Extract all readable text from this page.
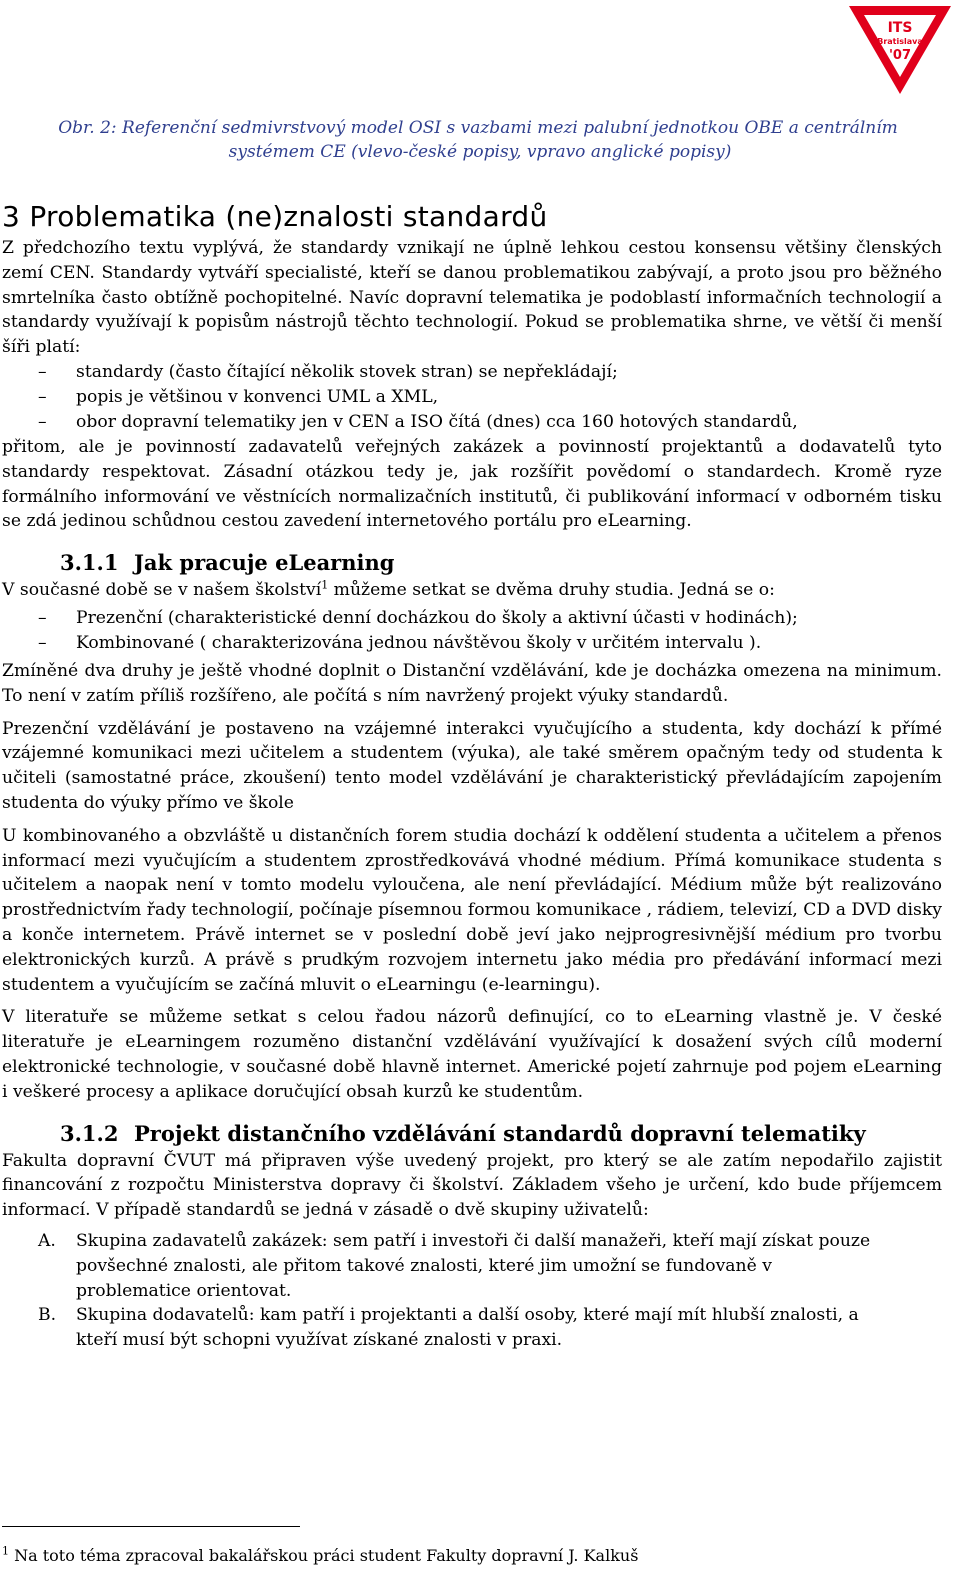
ITS
Bratislava
'07
Obr. 2: Referenční sedmivrstvový model OSI s vazbami mezi palubní jednotkou OBE a centrálním
systémem CE (vlevo-české popisy, vpravo anglické popisy)
3 Problematika (ne)znalosti standardů

Z předchozího textu vyplývá, že standardy vznikají ne úplně lehkou cestou konsensu většiny členských zemí CEN. Standardy vytváří specialisté, kteří se danou problematikou zabývají, a proto jsou pro běžného smrtelníka často obtížně pochopitelné. Navíc dopravní telematika je podoblastí informačních technologií a standardy využívají k popisům nástrojů těchto technologií. Pokud se problematika shrne, ve větší či menší šíři platí:

– standardy (často čítající několik stovek stran) se nepřekládají;
– popis je většinou v konvenci UML a XML,
– obor dopravní telematiky jen v CEN a ISO čítá (dnes) cca 160 hotových standardů,

přitom, ale je povinností zadavatelů veřejných zakázek a povinností projektantů a dodavatelů tyto standardy respektovat. Zásadní otázkou tedy je, jak rozšířit povědomí o standardech. Kromě ryze formálního informování ve věstnících normalizačních institutů, či publikování informací v odborném tisku se zdá jedinou schůdnou cestou zavedení internetového portálu pro eLearning.

3.1.1 Jak pracuje eLearning

V současné době se v našem školství$^1$ můžeme setkat se dvěma druhy studia. Jedná se o:

– Prezenční (charakteristické denní docházkou do školy a aktivní účasti v hodinách);
– Kombinované ( charakterizována jednou návštěvou školy v určitém intervalu ).

Zmíněné dva druhy je ještě vhodné doplnit o Distanční vzdělávání, kde je docházka omezena na minimum. To není v zatím příliš rozšířeno, ale počítá s ním navržený projekt výuky standardů.

Prezenční vzdělávání je postaveno na vzájemné interakci vyučujícího a studenta, kdy dochází k přímé vzájemné komunikaci mezi učitelem a studentem (výuka), ale také směrem opačným tedy od studenta k učiteli (samostatné práce, zkoušení) tento model vzdělávání je charakteristický převládajícím zapojením studenta do výuky přímo ve škole

U kombinovaného a obzvláště u distančních forem studia dochází k oddělení studenta a učitelem a přenos informací mezi vyučujícím a studentem zprostředkovává vhodné médium. Přímá komunikace studenta s učitelem a naopak není v tomto modelu vyloučena, ale není převládající. Médium může být realizováno prostřednictvím řady technologií, počínaje písemnou formou komunikace , rádiem, televizí, CD a DVD disky a konče internetem. Právě internet se v poslední době jeví jako nejprogresivnější médium pro tvorbu elektronických kurzů. A právě s prudkým rozvojem internetu jako média pro předávání informací mezi studentem a vyučujícím se začíná mluvit o eLearningu (e-learningu).

V literatuře se můžeme setkat s celou řadou názorů definující, co to eLearning vlastně je. V české literatuře je eLearningem rozuměno distanční vzdělávání využívající k dosažení svých cílů moderní elektronické technologie, v současné době hlavně internet. Americké pojetí zahrnuje pod pojem eLearning i veškeré procesy a aplikace doručující obsah kurzů ke studentům.

3.1.2 Projekt distančního vzdělávání standardů dopravní telematiky

Fakulta dopravní ČVUT má připraven výše uvedený projekt, pro který se ale zatím nepodařilo zajistit financování z rozpočtu Ministerstva dopravy či školství. Základem všeho je určení, kdo bude příjemcem informací. V případě standardů se jedná v zásadě o dvě skupiny uživatelů:

A. Skupina zadavatelů zakázek: sem patří i investoři či další manažeři, kteří mají získat pouze povšechné znalosti, ale přitom takové znalosti, které jim umožní se fundovaně v problematice orientovat.
B. Skupina dodavatelů: kam patří i projektanti a další osoby, které mají mít hlubší znalosti, a kteří musí být schopni využívat získané znalosti v praxi.
$^1$ Na toto téma zpracoval bakalářskou práci student Fakulty dopravní J. Kalkuš
